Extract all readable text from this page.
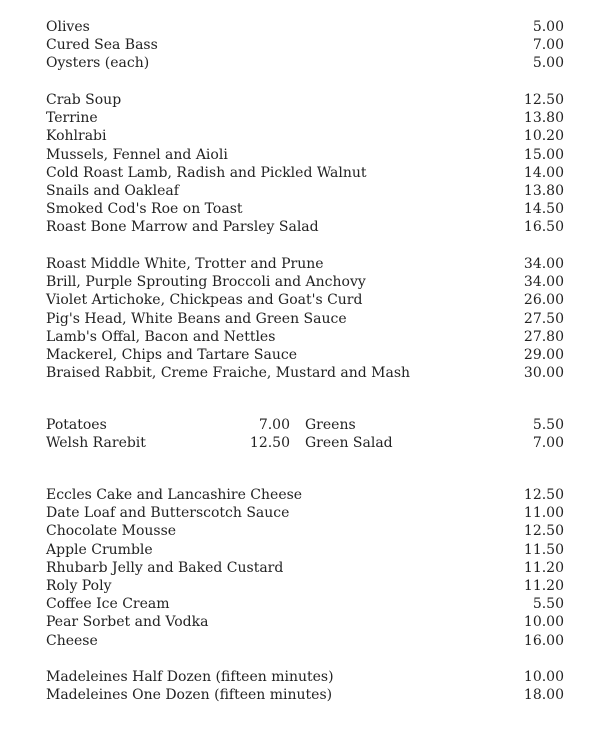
Olives	5.00
Cured Sea Bass	7.00
Oysters (each)	5.00
Crab Soup	12.50
Terrine	13.80
Kohlrabi	10.20
Mussels, Fennel and Aioli	15.00
Cold Roast Lamb, Radish and Pickled Walnut	14.00
Snails and Oakleaf	13.80
Smoked Cod's Roe on Toast	14.50
Roast Bone Marrow and Parsley Salad	16.50
Roast Middle White, Trotter and Prune	34.00
Brill, Purple Sprouting Broccoli and Anchovy	34.00
Violet Artichoke, Chickpeas and Goat's Curd	26.00
Pig's Head, White Beans and Green Sauce	27.50
Lamb's Offal, Bacon and Nettles	27.80
Mackerel, Chips and Tartare Sauce	29.00
Braised Rabbit, Creme Fraiche, Mustard and Mash	30.00
Potatoes	7.00 Greens	5.50
Welsh Rarebit	12.50 Green Salad	7.00
Eccles Cake and Lancashire Cheese	12.50
Date Loaf and Butterscotch Sauce	11.00
Chocolate Mousse	12.50
Apple Crumble	11.50
Rhubarb Jelly and Baked Custard	11.20
Roly Poly	11.20
Coffee Ice Cream	5.50
Pear Sorbet and Vodka	10.00
Cheese	16.00
Madeleines Half Dozen (fifteen minutes)	10.00
Madeleines One Dozen (fifteen minutes)	18.00
